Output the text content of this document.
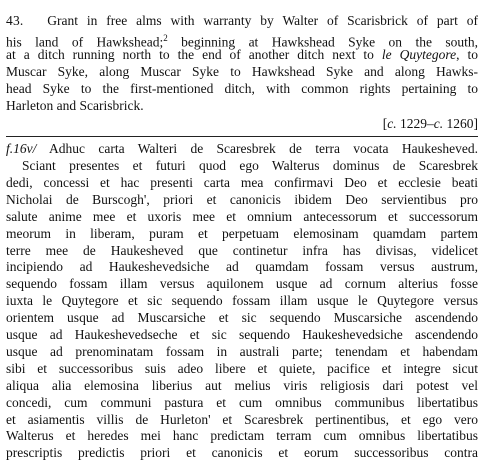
43. Grant in free alms with warranty by Walter of Scarisbrick of part of
his land of Hawkshead;$^2$ beginning at Hawkshead Syke on the south,
at a ditch running north to the end of another ditch next to le Quytegore, to
Muscar Syke, along Muscar Syke to Hawkshead Syke and along Hawks-
head Syke to the first-mentioned ditch, with common rights pertaining to
Harleton and Scarisbrick.
[c. 1229–c. 1260]
f.16v/ Adhuc carta Walteri de Scaresbrek de terra vocata Haukesheved.
Sciant presentes et futuri quod ego Walterus dominus de Scaresbrek
dedi, concessi et hac presenti carta mea confirmavi Deo et ecclesie beati
Nicholai de Burscogh', priori et canonicis ibidem Deo servientibus pro
salute anime mee et uxoris mee et omnium antecessorum et successorum
meorum in liberam, puram et perpetuam elemosinam quamdam partem
terre mee de Haukesheved que continetur infra has divisas, videlicet
incipiendo ad Haukeshevedsiche ad quamdam fossam versus austrum,
sequendo fossam illam versus aquilonem usque ad cornum alterius fosse
iuxta le Quytegore et sic sequendo fossam illam usque le Quytegore versus
orientem usque ad Muscarsiche et sic sequendo Muscarsiche ascendendo
usque ad Haukeshevedseche et sic sequendo Haukeshevedsiche ascendendo
usque ad prenominatam fossam in australi parte; tenendam et habendam
sibi et successoribus suis adeo libere et quiete, pacifice et integre sicut
aliqua alia elemosina liberius aut melius viris religiosis dari potest vel
concedi, cum communi pastura et cum omnibus communibus libertatibus
et asiamentis villis de Hurleton' et Scaresbrek pertinentibus, et ego vero
Walterus et heredes mei hanc predictam terram cum omnibus libertatibus
prescriptis predictis priori et canonicis et eorum successoribus contra
